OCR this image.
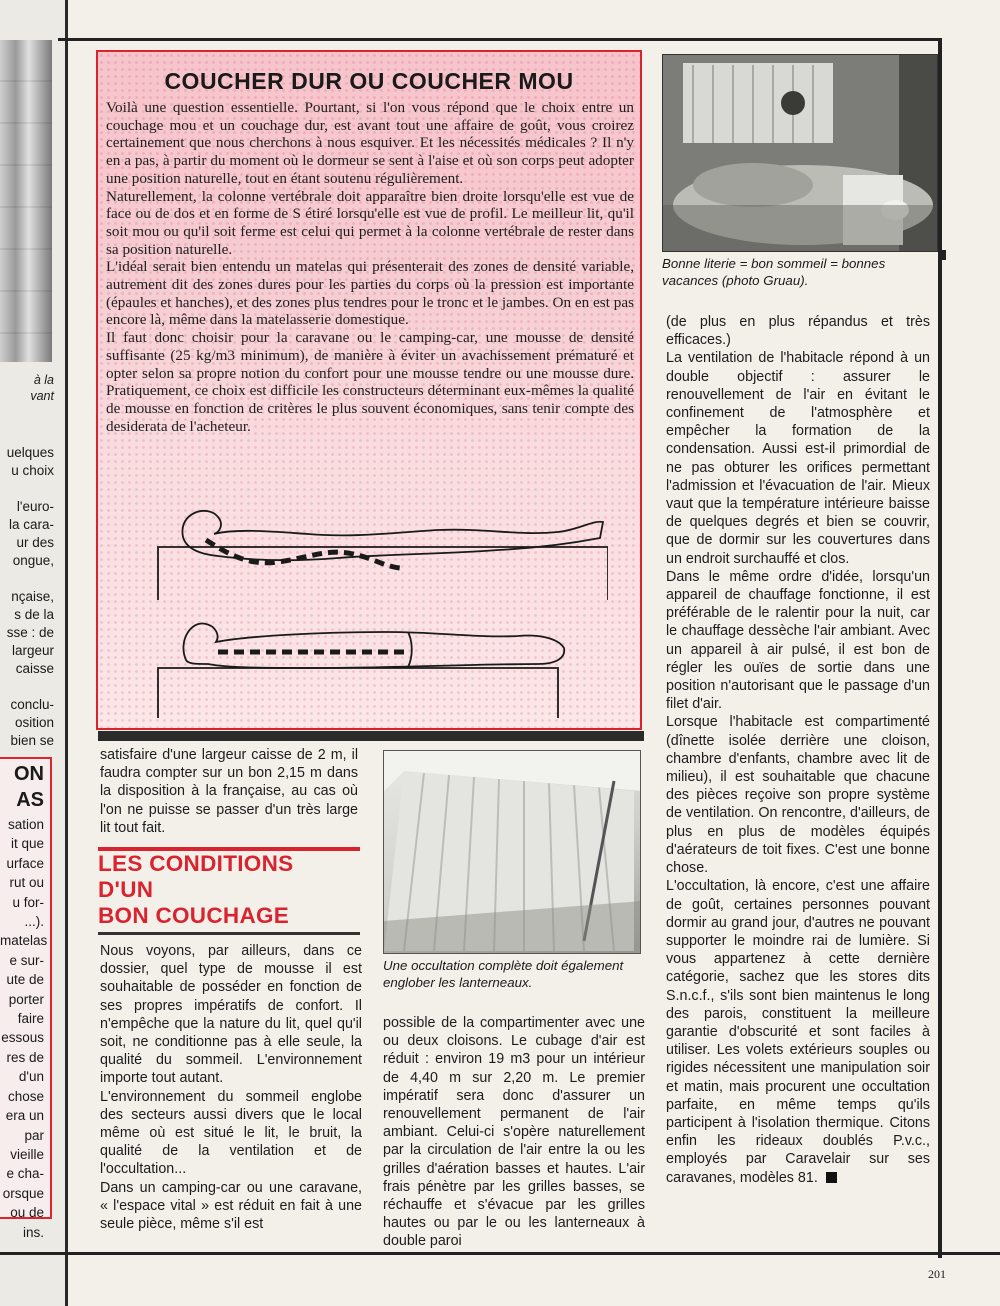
à la
vant
uelques
u choix
l'euro-
la cara-
ur des
ongue,
nçaise,
s de la
sse : de
largeur
caisse
conclu-
osition
bien se
ON
AS
sation
it que
urface
rut ou
u for-
...).
matelas
e sur-
ute de
porter
faire
essous
res de
d'un
chose
era un
par
vieille
e cha-
orsque
ou de
ins.
COUCHER DUR OU COUCHER MOU

Voilà une question essentielle. Pourtant, si l'on vous répond que le choix entre un couchage mou et un couchage dur, est avant tout une affaire de goût, vous croirez certainement que nous cherchons à nous esquiver. Et les nécessités médicales ? Il n'y en a pas, à partir du moment où le dormeur se sent à l'aise et où son corps peut adopter une position naturelle, tout en étant soutenu régulièrement.

Naturellement, la colonne vertébrale doit apparaître bien droite lorsqu'elle est vue de face ou de dos et en forme de S étiré lorsqu'elle est vue de profil. Le meilleur lit, qu'il soit mou ou qu'il soit ferme est celui qui permet à la colonne vertébrale de rester dans sa position naturelle.

L'idéal serait bien entendu un matelas qui présenterait des zones de densité variable, autrement dit des zones dures pour les parties du corps où la pression est importante (épaules et hanches), et des zones plus tendres pour le tronc et le jambes. On en est pas encore là, même dans la matelasserie domestique.

Il faut donc choisir pour la caravane ou le camping-car, une mousse de densité suffisante (25 kg/m3 minimum), de manière à éviter un avachissement prématuré et opter selon sa propre notion du confort pour une mousse tendre ou une mousse dure. Pratiquement, ce choix est difficile les constructeurs déterminant eux-mêmes la qualité de mousse en fonction de critères le plus souvent économiques, sans tenir compte des desiderata de l'acheteur.

satisfaire d'une largeur caisse de 2 m, il faudra compter sur un bon 2,15 m dans la disposition à la française, au cas où l'on ne puisse se passer d'un très large lit tout fait.
LES CONDITIONS
D'UN
BON COUCHAGE

Nous voyons, par ailleurs, dans ce dossier, quel type de mousse il est souhaitable de posséder en fonction de ses propres impératifs de confort. Il n'empêche que la nature du lit, quel qu'il soit, ne conditionne pas à elle seule, la qualité du sommeil. L'environnement importe tout autant.

L'environnement du sommeil englobe des secteurs aussi divers que le local même où est situé le lit, le bruit, la qualité de la ventilation et de l'occultation...

Dans un camping-car ou une caravane, « l'espace vital » est réduit en fait à une seule pièce, même s'il est

Une occultation complète doit également englober les lanterneaux.
possible de la compartimenter avec une ou deux cloisons. Le cubage d'air est réduit : environ 19 m3 pour un intérieur de 4,40 m sur 2,20 m. Le premier impératif sera donc d'assurer un renouvellement permanent de l'air ambiant. Celui-ci s'opère naturellement par la circulation de l'air entre la ou les grilles d'aération basses et hautes. L'air frais pénètre par les grilles basses, se réchauffe et s'évacue par les grilles hautes ou par le ou les lanterneaux à double paroi
Bonne literie = bon sommeil = bonnes vacances (photo Gruau).

(de plus en plus répandus et très efficaces.)

La ventilation de l'habitacle répond à un double objectif : assurer le renouvellement de l'air en évitant le confinement de l'atmosphère et empêcher la formation de la condensation. Aussi est-il primordial de ne pas obturer les orifices permettant l'admission et l'évacuation de l'air. Mieux vaut que la température intérieure baisse de quelques degrés et bien se couvrir, que de dormir sur les couvertures dans un endroit surchauffé et clos.

Dans le même ordre d'idée, lorsqu'un appareil de chauffage fonctionne, il est préférable de le ralentir pour la nuit, car le chauffage dessèche l'air ambiant. Avec un appareil à air pulsé, il est bon de régler les ouïes de sortie dans une position n'autorisant que le passage d'un filet d'air.

Lorsque l'habitacle est compartimenté (dînette isolée derrière une cloison, chambre d'enfants, chambre avec lit de milieu), il est souhaitable que chacune des pièces reçoive son propre système de ventilation. On rencontre, d'ailleurs, de plus en plus de modèles équipés d'aérateurs de toit fixes. C'est une bonne chose.

L'occultation, là encore, c'est une affaire de goût, certaines personnes pouvant dormir au grand jour, d'autres ne pouvant supporter le moindre rai de lumière. Si vous appartenez à cette dernière catégorie, sachez que les stores dits S.n.c.f., s'ils sont bien maintenus le long des parois, constituent la meilleure garantie d'obscurité et sont faciles à utiliser. Les volets extérieurs souples ou rigides nécessitent une manipulation soir et matin, mais procurent une occultation parfaite, en même temps qu'ils participent à l'isolation thermique. Citons enfin les rideaux doublés P.v.c., employés par Caravelair sur ses caravanes, modèles 81.

201
